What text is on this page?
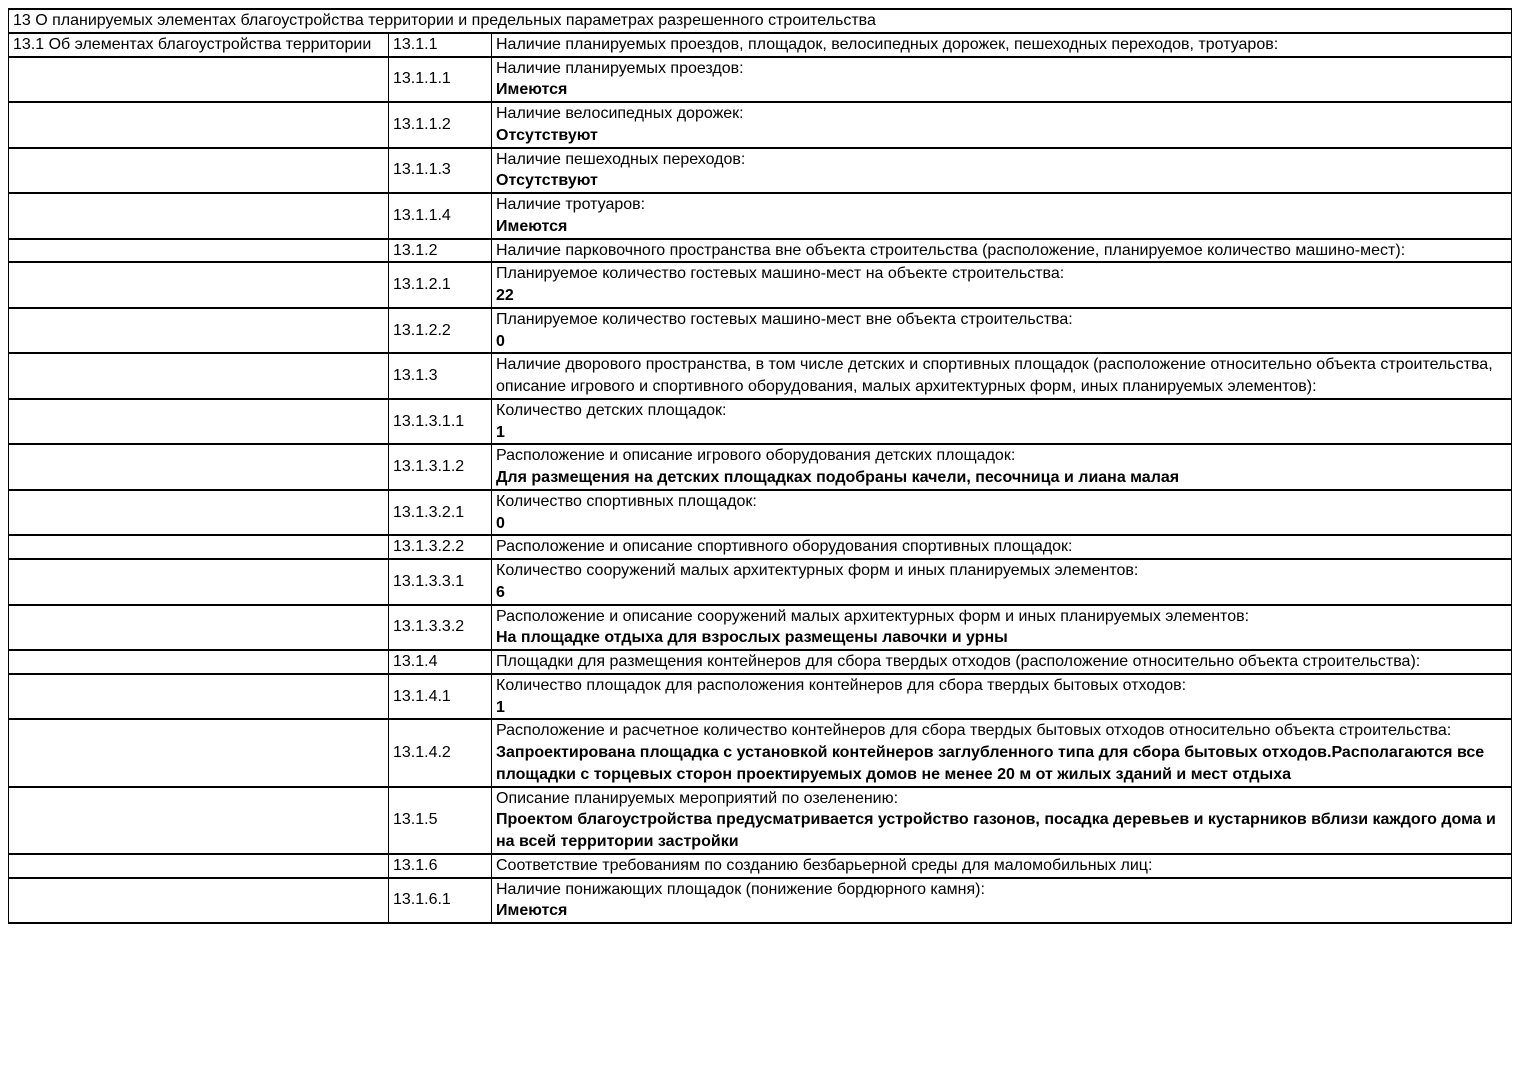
13 О планируемых элементах благоустройства территории и предельных параметрах разрешенного строительства		
13.1 Об элементах благоустройства территории	13.1.1	Наличие планируемых проездов, площадок, велосипедных дорожек, пешеходных переходов, тротуаров:

	13.1.1.1	Наличие планируемых проездов:
Имеются

	13.1.1.2	Наличие велосипедных дорожек:
Отсутствуют

	13.1.1.3	Наличие пешеходных переходов:
Отсутствуют

	13.1.1.4	Наличие тротуаров:
Имеются

	13.1.2	Наличие парковочного пространства вне объекта строительства (расположение, планируемое количество машино-мест):

	13.1.2.1	Планируемое количество гостевых машино-мест на объекте строительства:
22

	13.1.2.2	Планируемое количество гостевых машино-мест вне объекта строительства:
0

	13.1.3	Наличие дворового пространства, в том числе детских и спортивных площадок (расположение относительно объекта строительства, описание игрового и спортивного оборудования, малых архитектурных форм, иных планируемых элементов):

	13.1.3.1.1	Количество детских площадок:
1

	13.1.3.1.2	Расположение и описание игрового оборудования детских площадок:
Для размещения на детских площадках подобраны качели, песочница и лиана малая

	13.1.3.2.1	Количество спортивных площадок:
0

	13.1.3.2.2	Расположение и описание спортивного оборудования спортивных площадок:

	13.1.3.3.1	Количество сооружений малых архитектурных форм и иных планируемых элементов:
6

	13.1.3.3.2	Расположение и описание сооружений малых архитектурных форм и иных планируемых элементов:
На площадке отдыха для взрослых размещены лавочки и урны

	13.1.4	Площадки для размещения контейнеров для сбора твердых отходов (расположение относительно объекта строительства):

	13.1.4.1	Количество площадок для расположения контейнеров для сбора твердых бытовых отходов:
1

	13.1.4.2	Расположение и расчетное количество контейнеров для сбора твердых бытовых отходов относительно объекта строительства:
Запроектирована площадка с установкой контейнеров заглубленного типа для сбора бытовых отходов.Располагаются все площадки с торцевых сторон проектируемых домов не менее 20 м от жилых зданий и мест отдыха

	13.1.5	Описание планируемых мероприятий по озеленению:
Проектом благоустройства предусматривается устройство газонов, посадка деревьев и кустарников вблизи каждого дома и на всей территории застройки

	13.1.6	Соответствие требованиям по созданию безбарьерной среды для маломобильных лиц:

	13.1.6.1	Наличие понижающих площадок (понижение бордюрного камня):
Имеются
